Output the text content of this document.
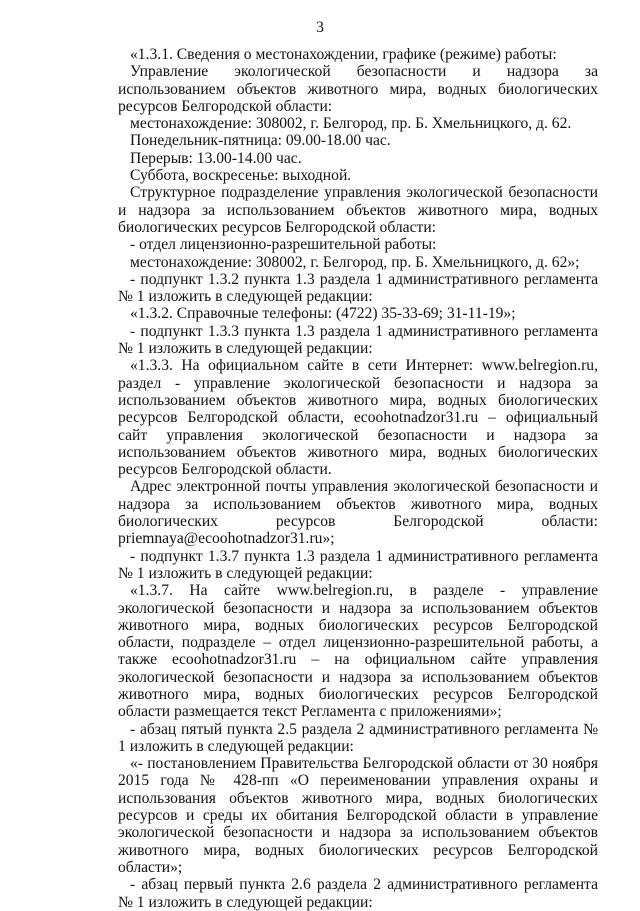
3

«1.3.1. Сведения о местонахождении, графике (режиме) работы:

Управление экологической безопасности и надзора за использованием объектов животного мира, водных биологических ресурсов Белгородской области:

местонахождение: 308002, г. Белгород, пр. Б. Хмельницкого, д. 62.

Понедельник-пятница: 09.00-18.00 час.

Перерыв: 13.00-14.00 час.

Суббота, воскресенье: выходной.

Структурное подразделение управления экологической безопасности и надзора за использованием объектов животного мира, водных биологических ресурсов Белгородской области:

- отдел лицензионно-разрешительной работы:

местонахождение: 308002, г. Белгород, пр. Б. Хмельницкого, д. 62»;

- подпункт 1.3.2 пункта 1.3 раздела 1 административного регламента № 1 изложить в следующей редакции:

«1.3.2. Справочные телефоны: (4722) 35-33-69; 31-11-19»;

- подпункт 1.3.3 пункта 1.3 раздела 1 административного регламента № 1 изложить в следующей редакции:

«1.3.3. На официальном сайте в сети Интернет: www.belregion.ru, раздел - управление экологической безопасности и надзора за использованием объектов животного мира, водных биологических ресурсов Белгородской области, ecoohotnadzor31.ru – официальный сайт управления экологической безопасности и надзора за использованием объектов животного мира, водных биологических ресурсов Белгородской области.

Адрес электронной почты управления экологической безопасности и надзора за использованием объектов животного мира, водных биологических ресурсов Белгородской области: priemnaya@ecoohotnadzor31.ru»;

- подпункт 1.3.7 пункта 1.3 раздела 1 административного регламента № 1 изложить в следующей редакции:

«1.3.7. На сайте www.belregion.ru, в разделе - управление экологической безопасности и надзора за использованием объектов животного мира, водных биологических ресурсов Белгородской области, подразделе – отдел лицензионно-разрешительной работы, а также ecoohotnadzor31.ru – на официальном сайте управления экологической безопасности и надзора за использованием объектов животного мира, водных биологических ресурсов Белгородской области размещается текст Регламента с приложениями»;

- абзац пятый пункта 2.5 раздела 2 административного регламента № 1 изложить в следующей редакции:

«- постановлением Правительства Белгородской области от 30 ноября 2015 года № 428-пп «О переименовании управления охраны и использования объектов животного мира, водных биологических ресурсов и среды их обитания Белгородской области в управление экологической безопасности и надзора за использованием объектов животного мира, водных биологических ресурсов Белгородской области»;

- абзац первый пункта 2.6 раздела 2 административного регламента № 1 изложить в следующей редакции:
